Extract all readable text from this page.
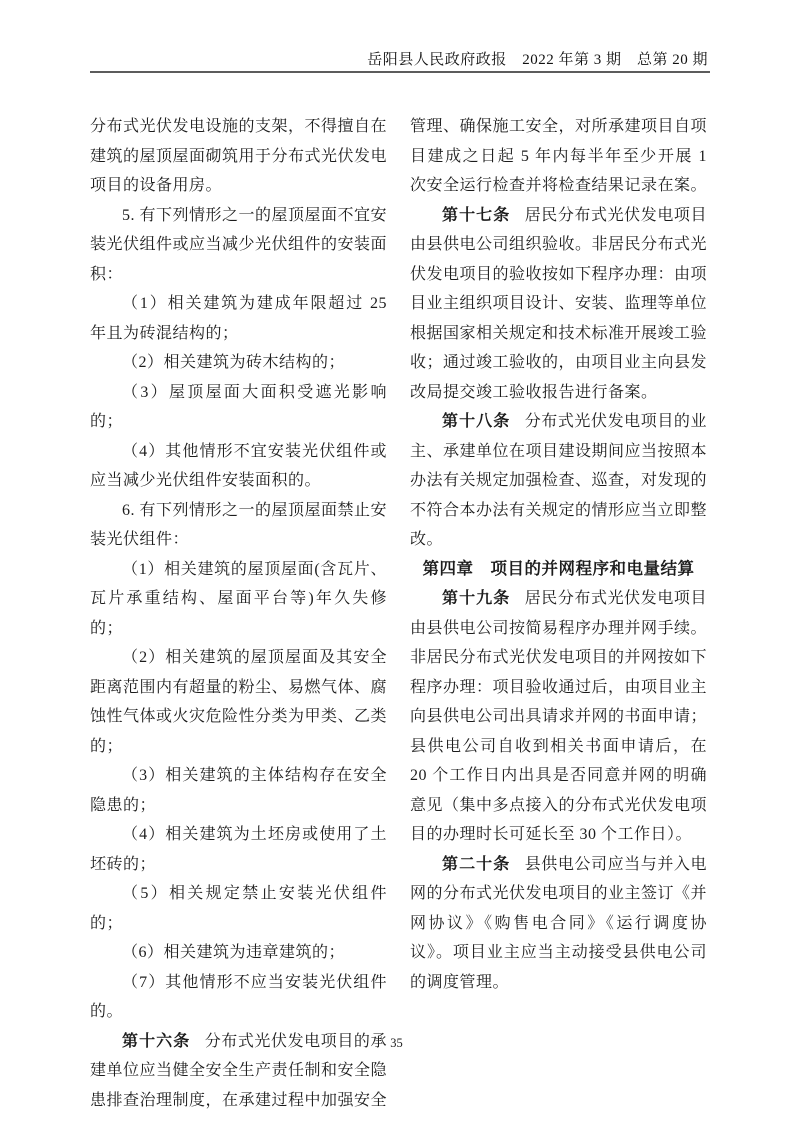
岳阳县人民政府政报　2022 年第 3 期　总第 20 期

分布式光伏发电设施的支架，不得擅自在建筑的屋顶屋面砌筑用于分布式光伏发电项目的设备用房。

5. 有下列情形之一的屋顶屋面不宜安装光伏组件或应当减少光伏组件的安装面积：

（1）相关建筑为建成年限超过 25 年且为砖混结构的；

（2）相关建筑为砖木结构的；

（3）屋顶屋面大面积受遮光影响的；

（4）其他情形不宜安装光伏组件或应当减少光伏组件安装面积的。

6. 有下列情形之一的屋顶屋面禁止安装光伏组件：

（1）相关建筑的屋顶屋面(含瓦片、瓦片承重结构、屋面平台等)年久失修的；

（2）相关建筑的屋顶屋面及其安全距离范围内有超量的粉尘、易燃气体、腐蚀性气体或火灾危险性分类为甲类、乙类的；

（3）相关建筑的主体结构存在安全隐患的；

（4）相关建筑为土坯房或使用了土坯砖的；

（5）相关规定禁止安装光伏组件的；

（6）相关建筑为违章建筑的；

（7）其他情形不应当安装光伏组件的。

第十六条 分布式光伏发电项目的承建单位应当健全安全生产责任制和安全隐患排查治理制度，在承建过程中加强安全

管理、确保施工安全，对所承建项目自项目建成之日起 5 年内每半年至少开展 1 次安全运行检查并将检查结果记录在案。

第十七条 居民分布式光伏发电项目由县供电公司组织验收。非居民分布式光伏发电项目的验收按如下程序办理：由项目业主组织项目设计、安装、监理等单位根据国家相关规定和技术标准开展竣工验收；通过竣工验收的，由项目业主向县发改局提交竣工验收报告进行备案。

第十八条 分布式光伏发电项目的业主、承建单位在项目建设期间应当按照本办法有关规定加强检查、巡查，对发现的不符合本办法有关规定的情形应当立即整改。

第四章　项目的并网程序和电量结算

第十九条 居民分布式光伏发电项目由县供电公司按简易程序办理并网手续。非居民分布式光伏发电项目的并网按如下程序办理：项目验收通过后，由项目业主向县供电公司出具请求并网的书面申请；县供电公司自收到相关书面申请后，在 20 个工作日内出具是否同意并网的明确意见（集中多点接入的分布式光伏发电项目的办理时长可延长至 30 个工作日）。

第二十条 县供电公司应当与并入电网的分布式光伏发电项目的业主签订《并网协议》《购售电合同》《运行调度协议》。项目业主应当主动接受县供电公司的调度管理。

35
